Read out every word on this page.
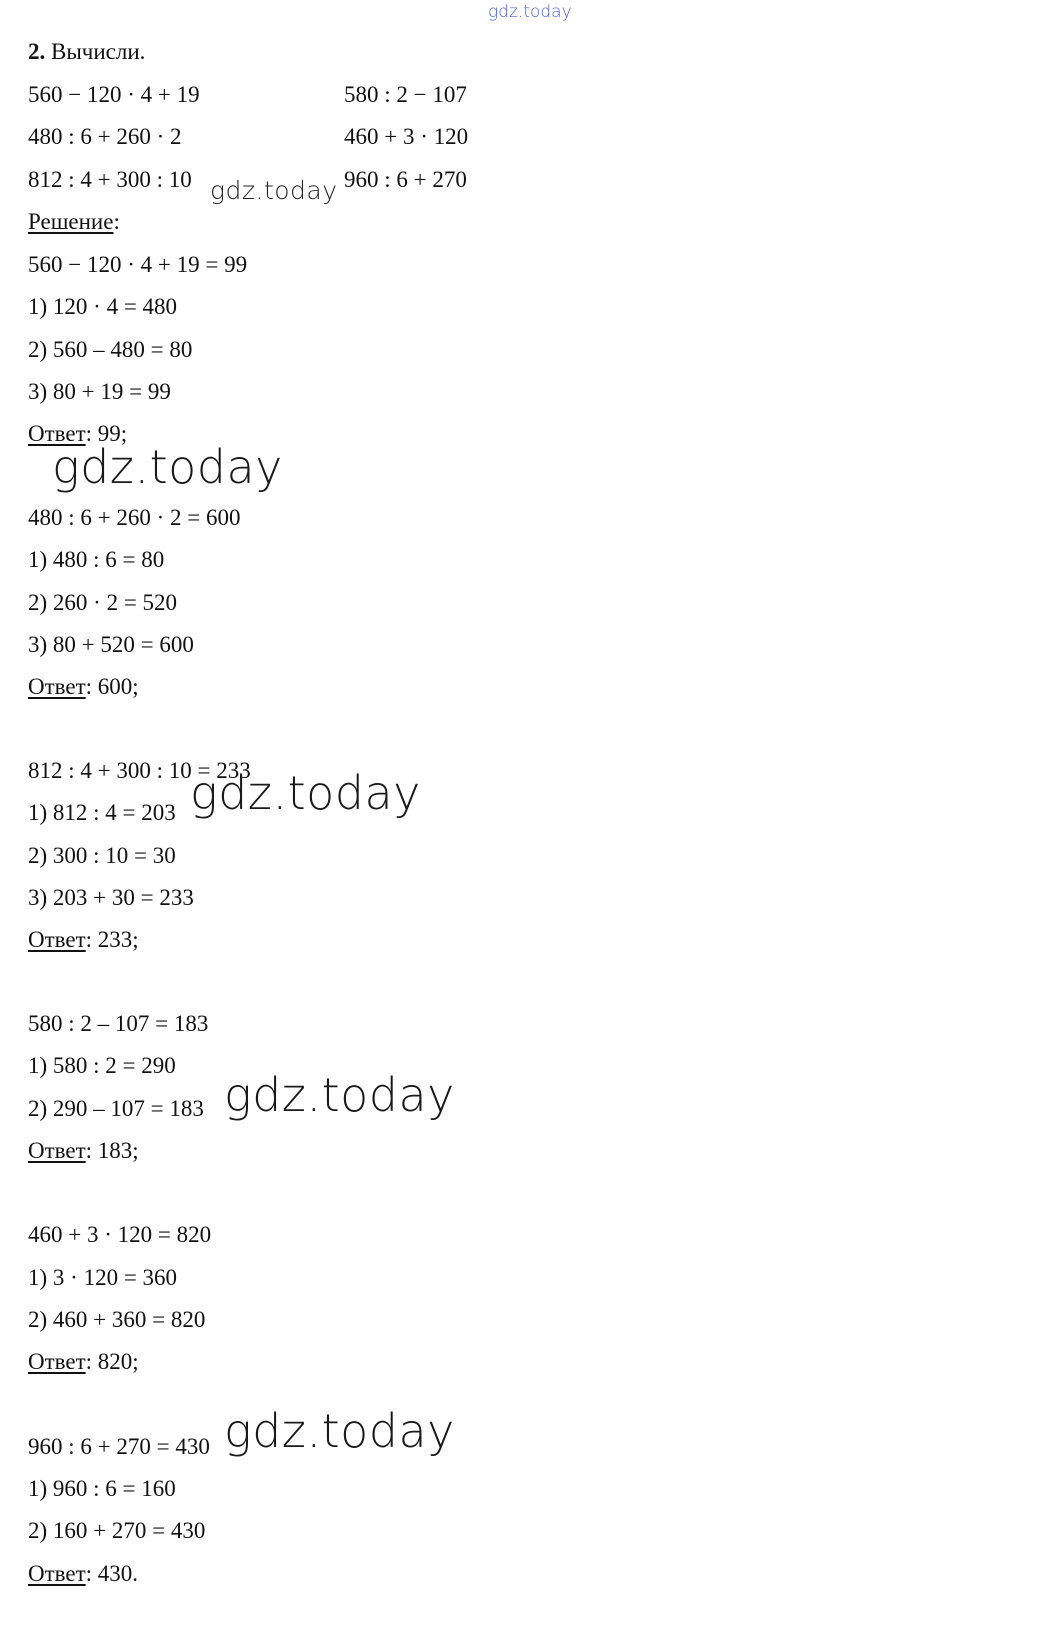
gdz.today
gdz.today
gdz.today
gdz.today
gdz.today
gdz.today
2. Вычисли.
560 − 120 · 4 + 19	580 : 2 − 107
480 : 6 + 260 · 2	460 + 3 · 120
812 : 4 + 300 : 10	960 : 6 + 270
Решение:
560 − 120 · 4 + 19 = 99
1) 120 · 4 = 480
2) 560 – 480 = 80
3) 80 + 19 = 99
Ответ: 99;
480 : 6 + 260 · 2 = 600
1) 480 : 6 = 80
2) 260 · 2 = 520
3) 80 + 520 = 600
Ответ: 600;
812 : 4 + 300 : 10 = 233
1) 812 : 4 = 203
2) 300 : 10 = 30
3) 203 + 30 = 233
Ответ: 233;
580 : 2 – 107 = 183
1) 580 : 2 = 290
2) 290 – 107 = 183
Ответ: 183;
460 + 3 · 120 = 820
1) 3 · 120 = 360
2) 460 + 360 = 820
Ответ: 820;
960 : 6 + 270 = 430
1) 960 : 6 = 160
2) 160 + 270 = 430
Ответ: 430.
